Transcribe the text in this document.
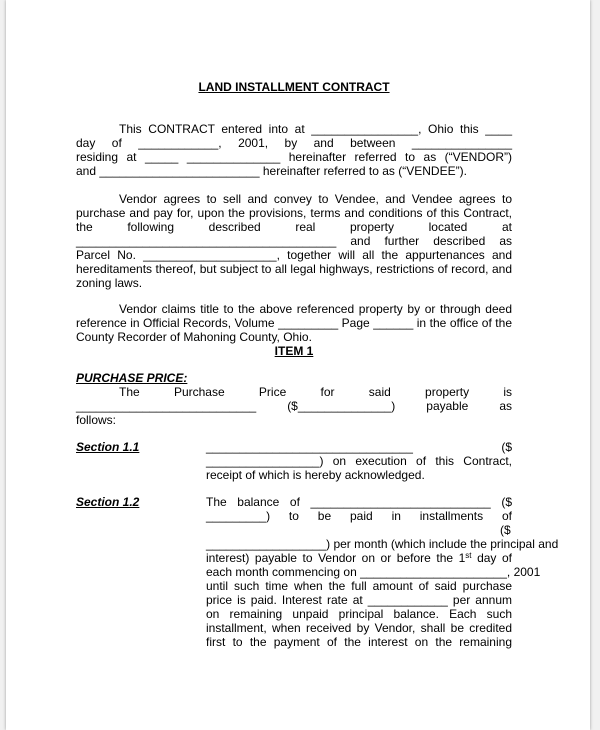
LAND INSTALLMENT CONTRACT
This CONTRACT entered into at ________________, Ohio this ____
day of ____________, 2001, by and between _______________
residing at _____ ______________ hereinafter referred to as (“VENDOR”)
and ________________________ hereinafter referred to as (“VENDEE”).
Vendor agrees to sell and convey to Vendee, and Vendee agrees to
purchase and pay for, upon the provisions, terms and conditions of this Contract,
the following described real property located at
_______________________________________ and further described as
Parcel No. ____________________, together will all the appurtenances and
hereditaments thereof, but subject to all legal highways, restrictions of record, and
zoning laws.
Vendor claims title to the above referenced property by or through deed
reference in Official Records, Volume _________ Page ______ in the office of the
County Recorder of Mahoning County, Ohio.
ITEM 1
PURCHASE PRICE:
The Purchase Price for said property is
___________________________ ($______________) payable as
follows:
Section 1.1	_______________________________ ($
_________________) on execution of this Contract,
receipt of which is hereby acknowledged.
Section 1.2	The balance of ___________________________ ($
_________) to be paid in installments of
($
__________________) per month (which include the principal and
interest) payable to Vendor on or before the 1st day of
each month commencing on ______________________, 2001
until such time when the full amount of said purchase
price is paid. Interest rate at ____________ per annum
on remaining unpaid principal balance. Each such
installment, when received by Vendor, shall be credited
first to the payment of the interest on the remaining
